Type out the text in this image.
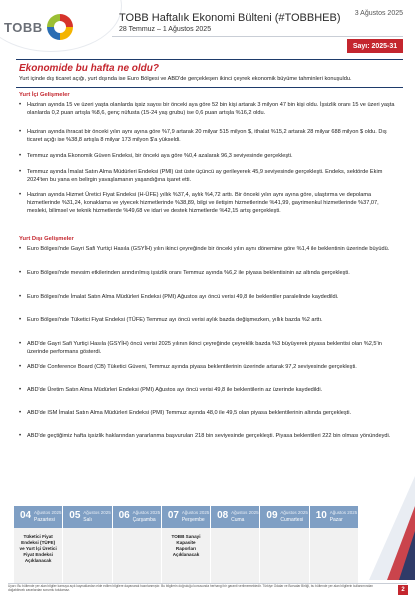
TOBB
TOBB Haftalık Ekonomi Bülteni (#TOBBHEB)
28 Temmuz – 1 Ağustos 2025
3 Ağustos 2025
Sayı: 2025-31
Ekonomide bu hafta ne oldu?
Yurt içinde dış ticaret açığı, yurt dışında ise Euro Bölgesi ve ABD'de gerçekleşen ikinci çeyrek ekonomik büyüme tahminleri konuşuldu.
Yurt İçi Gelişmeler
• Haziran ayında 15 ve üzeri yaşta olanlarda işsiz sayısı bir önceki aya göre 52 bin kişi artarak 3 milyon 47 bin kişi oldu. İşsizlik oranı 15 ve üzeri yaşta olanlarda 0,2 puan artışla %8,6, genç nüfusta (15-24 yaş grubu) ise 0,6 puan artışla %16,2 oldu.
• Haziran ayında ihracat bir önceki yılın aynı ayına göre %7,9 artarak 20 milyar 515 milyon $, ithalat %15,2 artarak 28 milyar 688 milyon $ oldu. Dış ticaret açığı ise %38,8 artışla 8 milyar 173 milyon $'a yükseldi.
• Temmuz ayında Ekonomik Güven Endeksi, bir önceki aya göre %0,4 azalarak 96,3 seviyesinde gerçekleşti.
• Temmuz ayında İmalat Satın Alma Müdürleri Endeksi (PMI) üst üste üçüncü ay gerileyerek 45,9 seviyesinde gerçekleşti. Endeks, sektörde Ekim 2024'ten bu yana en belirgin yavaşlamanın yaşandığına işaret etti.
• Haziran ayında Hizmet Üretici Fiyat Endeksi (H-ÜFE) yıllık %37,4, aylık %4,72 arttı. Bir önceki yılın aynı ayına göre, ulaştırma ve depolama hizmetlerinde %31,24, konaklama ve yiyecek hizmetlerinde %38,89, bilgi ve iletişim hizmetlerinde %41,99, gayrimenkul hizmetlerinde %37,07, mesleki, bilimsel ve teknik hizmetlerde %49,68 ve idari ve destek hizmetlerde %42,15 artış gerçekleşti.
Yurt Dışı Gelişmeler
• Euro Bölgesi'nde Gayri Safi Yurtiçi Hasıla (GSYİH) yılın ikinci çeyreğinde bir önceki yılın aynı dönemine göre %1,4 ile beklentinin üzerinde büyüdü.
• Euro Bölgesi'nde mevsim etkilerinden arındırılmış işsizlik oranı Temmuz ayında %6,2 ile piyasa beklentisinin az altında gerçekleşti.
• Euro Bölgesi'nde İmalat Satın Alma Müdürleri Endeksi (PMI) Ağustos ayı öncü verisi 49,8 ile beklentiler paralelinde kaydedildi.
• Euro Bölgesi'nde Tüketici Fiyat Endeksi (TÜFE) Temmuz ayı öncü verisi aylık bazda değişmezken, yıllık bazda %2 arttı.
• ABD'de Gayri Safi Yurtiçi Hasıla (GSYİH) öncü verisi 2025 yılının ikinci çeyreğinde çeyreklik bazda %3 büyüyerek piyasa beklentisi olan %2,5'in üzerinde performans gösterdi.
• ABD'de Conference Board (CB) Tüketici Güveni, Temmuz ayında piyasa beklentilerinin üzerinde artarak 97,2 seviyesinde gerçekleşti.
• ABD'de Üretim Satın Alma Müdürleri Endeksi (PMI) Ağustos ayı öncü verisi 49,8 ile beklentilerin az üzerinde kaydedildi.
• ABD'de ISM İmalat Satın Alma Müdürleri Endeksi (PMI) Temmuz ayında 48,0 ile 49,5 olan piyasa beklentilerinin altında gerçekleşti.
• ABD'de geçtiğimiz hafta işsizlik haklarından yararlanma başvuruları 218 bin seviyesinde gerçekleşti. Piyasa beklentileri 222 bin olması yönündeydi.
04 Ağustos 2025
Pazartesi 05 Ağustos 2025
Salı	06 Ağustos 2025
Çarşamba 07 Ağustos 2025
Perşembe 08 Ağustos 2025
Cuma 09 Ağustos 2025
Cumartesi 10 Ağustos 2025
Pazar
Tüketici Fiyat Endeksi (TÜFE) ve Yurt İçi Üretici Fiyat Endeksi Açıklanacak
TOBB Sanayi Kapasite Raporları Açıklanacak
Uyarı: Bu bültende yer alan bilgiler kamuya açık kaynaklardan elde edilen bilgilere dayanarak hazırlanmıştır. Bu bilgilerin doğruluğu konusunda herhangi bir garanti verilmemektedir. Türkiye Odalar ve Borsalar Birliği, bu bültende yer alan bilgilerin kullanımından doğabilecek zararlardan sorumlu tutulamaz.	2
